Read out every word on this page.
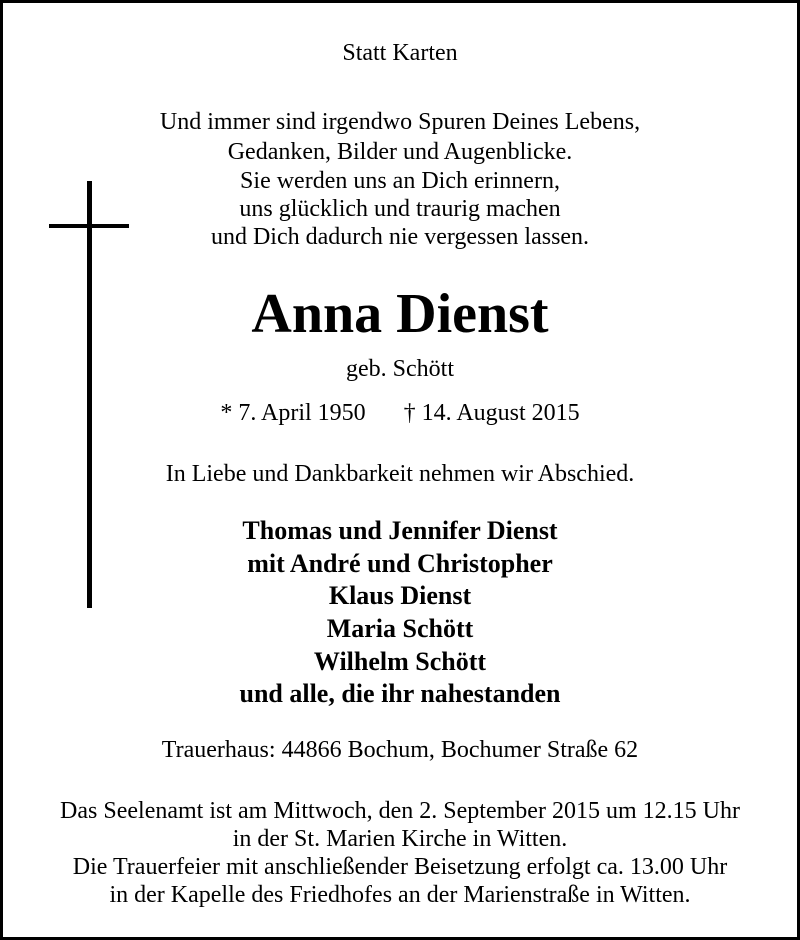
Statt Karten
Und immer sind irgendwo Spuren Deines Lebens,
Gedanken, Bilder und Augenblicke.
Sie werden uns an Dich erinnern,
uns glücklich und traurig machen
und Dich dadurch nie vergessen lassen.
Anna Dienst
geb. Schött
* 7. April 1950 † 14. August 2015
In Liebe und Dankbarkeit nehmen wir Abschied.
Thomas und Jennifer Dienst
mit André und Christopher
Klaus Dienst
Maria Schött
Wilhelm Schött
und alle, die ihr nahestanden
Trauerhaus: 44866 Bochum, Bochumer Straße 62
Das Seelenamt ist am Mittwoch, den 2. September 2015 um 12.15 Uhr
in der St. Marien Kirche in Witten.
Die Trauerfeier mit anschließender Beisetzung erfolgt ca. 13.00 Uhr
in der Kapelle des Friedhofes an der Marienstraße in Witten.
